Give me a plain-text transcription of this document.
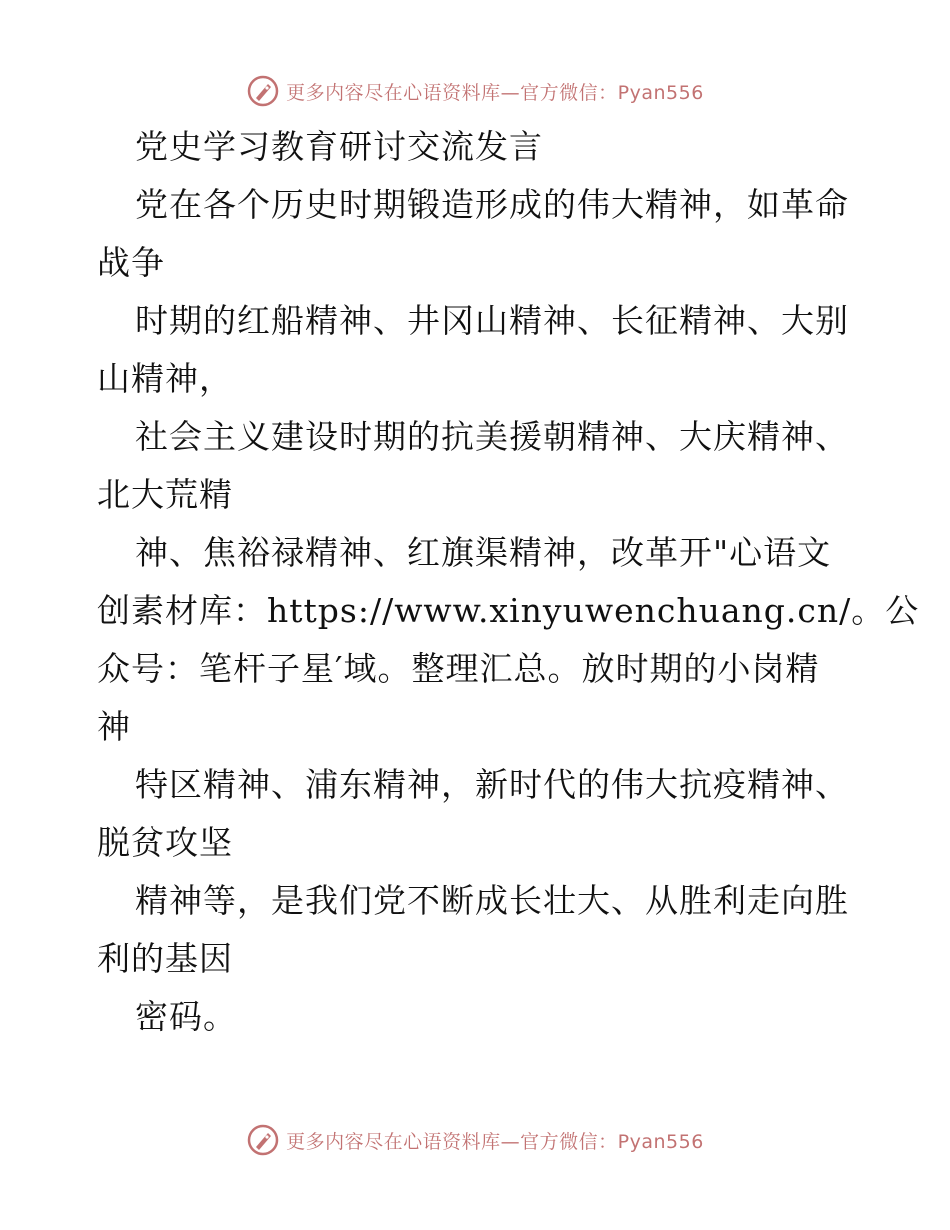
更多内容尽在心语资料库—官方微信：Pyan556
党史学习教育研讨交流发言
党在各个历史时期锻造形成的伟大精神，如革命
战争
时期的红船精神、井冈山精神、长征精神、大别
山精神，
社会主义建设时期的抗美援朝精神、大庆精神、
北大荒精
神、焦裕禄精神、红旗渠精神，改革开"心语文
创素材库：https://www.xinyuwenchuang.cn/。公
众号：笔杆子星′域。整理汇总。放时期的小岗精
神
特区精神、浦东精神，新时代的伟大抗疫精神、
脱贫攻坚
精神等，是我们党不断成长壮大、从胜利走向胜
利的基因
密码。
更多内容尽在心语资料库—官方微信：Pyan556
